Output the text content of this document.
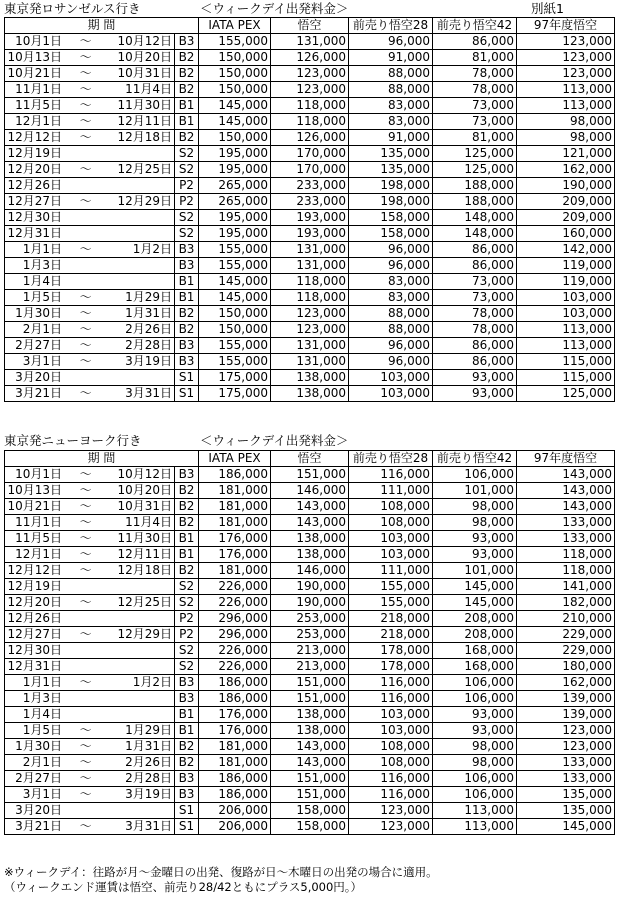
東京発ロサンゼルス行き	＜ウィークデイ出発料金＞	別紙1
期 間		IATA PEX	悟空	前売り悟空28	前売り悟空42	97年度悟空

10月1日 ～ 10月12日	B3	155,000	131,000	96,000	86,000	123,000

10月13日 ～ 10月20日	B2	150,000	126,000	91,000	81,000	123,000

10月21日 ～ 10月31日	B2	150,000	123,000	88,000	78,000	123,000

11月1日 ～ 11月4日	B2	150,000	123,000	88,000	78,000	113,000

11月5日 ～ 11月30日	B1	145,000	118,000	83,000	73,000	113,000

12月1日 ～ 12月11日	B1	145,000	118,000	83,000	73,000	98,000

12月12日 ～ 12月18日	B2	150,000	126,000	91,000	81,000	98,000

12月19日	S2	195,000	170,000	135,000	125,000	121,000

12月20日 ～ 12月25日	S2	195,000	170,000	135,000	125,000	162,000

12月26日	P2	265,000	233,000	198,000	188,000	190,000

12月27日 ～ 12月29日	P2	265,000	233,000	198,000	188,000	209,000

12月30日	S2	195,000	193,000	158,000	148,000	209,000

12月31日	S2	195,000	193,000	158,000	148,000	160,000

1月1日 ～ 1月2日	B3	155,000	131,000	96,000	86,000	142,000

1月3日	B3	155,000	131,000	96,000	86,000	119,000

1月4日	B1	145,000	118,000	83,000	73,000	119,000

1月5日 ～ 1月29日	B1	145,000	118,000	83,000	73,000	103,000

1月30日 ～ 1月31日	B2	150,000	123,000	88,000	78,000	103,000

2月1日 ～ 2月26日	B2	150,000	123,000	88,000	78,000	113,000

2月27日 ～ 2月28日	B3	155,000	131,000	96,000	86,000	113,000

3月1日 ～ 3月19日	B3	155,000	131,000	96,000	86,000	115,000

3月20日	S1	175,000	138,000	103,000	93,000	115,000

3月21日 ～ 3月31日	S1	175,000	138,000	103,000	93,000	125,000
東京発ニューヨーク行き	＜ウィークデイ出発料金＞
期 間		IATA PEX	悟空	前売り悟空28	前売り悟空42	97年度悟空

10月1日 ～ 10月12日	B3	186,000	151,000	116,000	106,000	143,000

10月13日 ～ 10月20日	B2	181,000	146,000	111,000	101,000	143,000

10月21日 ～ 10月31日	B2	181,000	143,000	108,000	98,000	143,000

11月1日 ～ 11月4日	B2	181,000	143,000	108,000	98,000	133,000

11月5日 ～ 11月30日	B1	176,000	138,000	103,000	93,000	133,000

12月1日 ～ 12月11日	B1	176,000	138,000	103,000	93,000	118,000

12月12日 ～ 12月18日	B2	181,000	146,000	111,000	101,000	118,000

12月19日	S2	226,000	190,000	155,000	145,000	141,000

12月20日 ～ 12月25日	S2	226,000	190,000	155,000	145,000	182,000

12月26日	P2	296,000	253,000	218,000	208,000	210,000

12月27日 ～ 12月29日	P2	296,000	253,000	218,000	208,000	229,000

12月30日	S2	226,000	213,000	178,000	168,000	229,000

12月31日	S2	226,000	213,000	178,000	168,000	180,000

1月1日 ～ 1月2日	B3	186,000	151,000	116,000	106,000	162,000

1月3日	B3	186,000	151,000	116,000	106,000	139,000

1月4日	B1	176,000	138,000	103,000	93,000	139,000

1月5日 ～ 1月29日	B1	176,000	138,000	103,000	93,000	123,000

1月30日 ～ 1月31日	B2	181,000	143,000	108,000	98,000	123,000

2月1日 ～ 2月26日	B2	181,000	143,000	108,000	98,000	133,000

2月27日 ～ 2月28日	B3	186,000	151,000	116,000	106,000	133,000

3月1日 ～ 3月19日	B3	186,000	151,000	116,000	106,000	135,000

3月20日	S1	206,000	158,000	123,000	113,000	135,000

3月21日 ～ 3月31日	S1	206,000	158,000	123,000	113,000	145,000
※ウィークデイ：往路が月～金曜日の出発、復路が日～木曜日の出発の場合に適用。
（ウィークエンド運賃は悟空、前売り28/42ともにプラス5,000円。）
